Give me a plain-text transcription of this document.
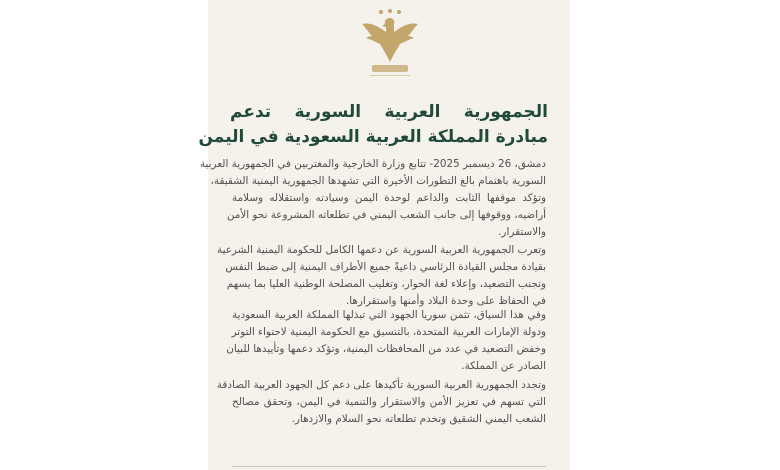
الجمهورية العربية السورية تدعم
مبادرة المملكة العربية السعودية في اليمن
دمشق، 26 ديسمبر 2025- تتابع وزارة الخارجية والمغتربين في الجمهورية العربية
السورية باهتمام بالغ التطورات الأخيرة التي تشهدها الجمهورية اليمنية الشقيقة،
وتؤكد موقفها الثابت والداعم لوحدة اليمن وسيادته واستقلاله وسلامة
أراضيه، ووقوفها إلى جانب الشعب اليمني في تطلعاته المشروعة نحو الأمن
والاستقرار.
وتعرب الجمهورية العربية السورية عن دعمها الكامل للحكومة اليمنية الشرعية
بقيادة مجلس القيادة الرئاسي داعيةً جميع الأطراف اليمنية إلى ضبط النفس
وتجنب التصعيد، وإعلاء لغة الحوار، وتغليب المصلحة الوطنية العليا بما يسهم
في الحفاظ على وحدة البلاد وأمنها واستقرارها.
وفي هذا السياق، تثمن سوريا الجهود التي تبذلها المملكة العربية السعودية
ودولة الإمارات العربية المتحدة، بالتنسيق مع الحكومة اليمنية لاحتواء التوتر
وخفض التصعيد في عدد من المحافظات اليمنية، وتؤكد دعمها وتأييدها للبيان
الصادر عن المملكة.
وتجدد الجمهورية العربية السورية تأكيدها على دعم كل الجهود العربية الصادقة
التي تسهم في تعزيز الأمن والاستقرار والتنمية في اليمن، وتحقق مصالح
الشعب اليمني الشقيق وتخدم تطلعاته نحو السلام والازدهار.
